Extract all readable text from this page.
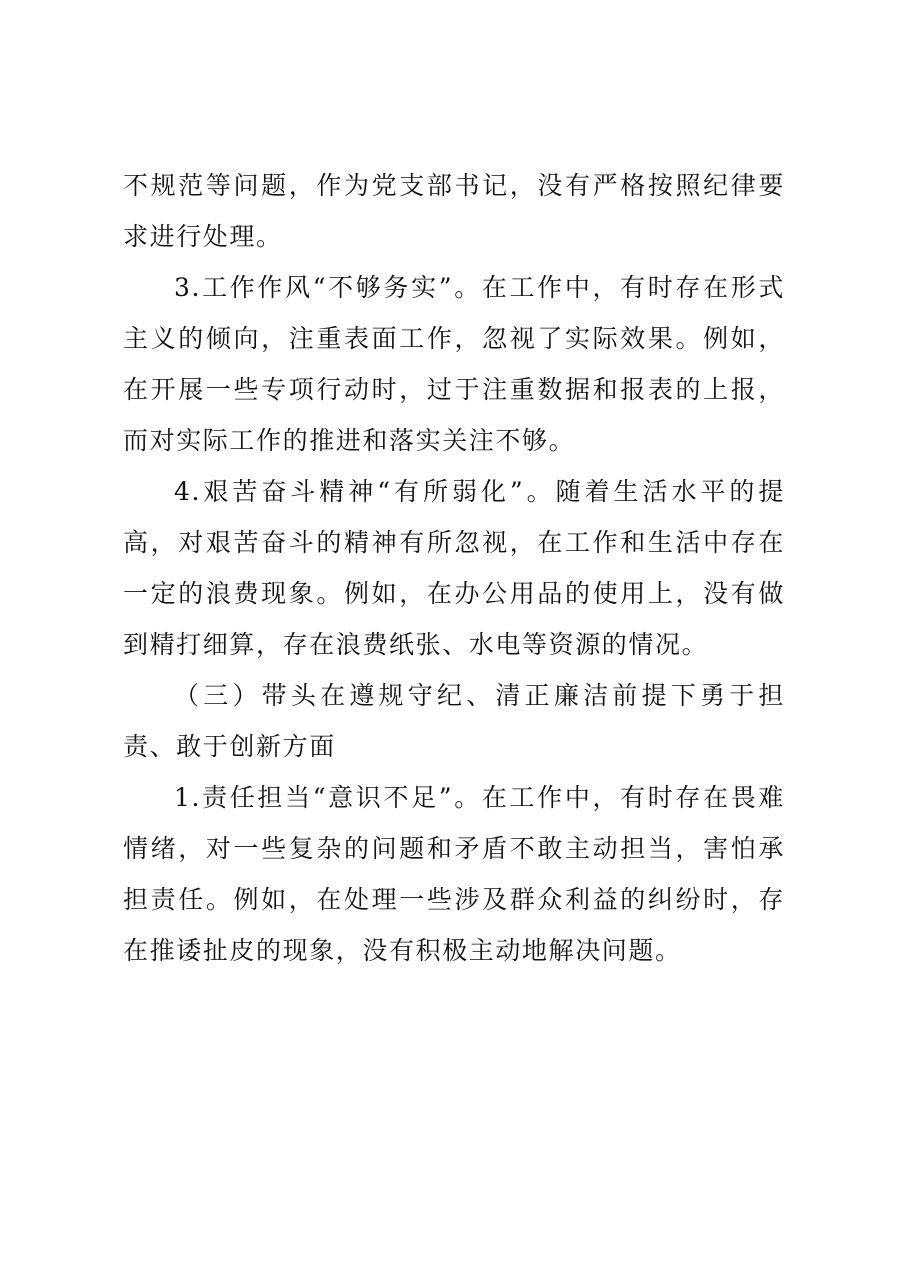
不规范等问题，作为党支部书记，没有严格按照纪律要求进行处理。

3.工作作风“不够务实”。在工作中，有时存在形式主义的倾向，注重表面工作，忽视了实际效果。例如，在开展一些专项行动时，过于注重数据和报表的上报，而对实际工作的推进和落实关注不够。

4.艰苦奋斗精神“有所弱化”。随着生活水平的提高，对艰苦奋斗的精神有所忽视，在工作和生活中存在一定的浪费现象。例如，在办公用品的使用上，没有做到精打细算，存在浪费纸张、水电等资源的情况。

（三）带头在遵规守纪、清正廉洁前提下勇于担责、敢于创新方面

1.责任担当“意识不足”。在工作中，有时存在畏难情绪，对一些复杂的问题和矛盾不敢主动担当，害怕承担责任。例如，在处理一些涉及群众利益的纠纷时，存在推诿扯皮的现象，没有积极主动地解决问题。
